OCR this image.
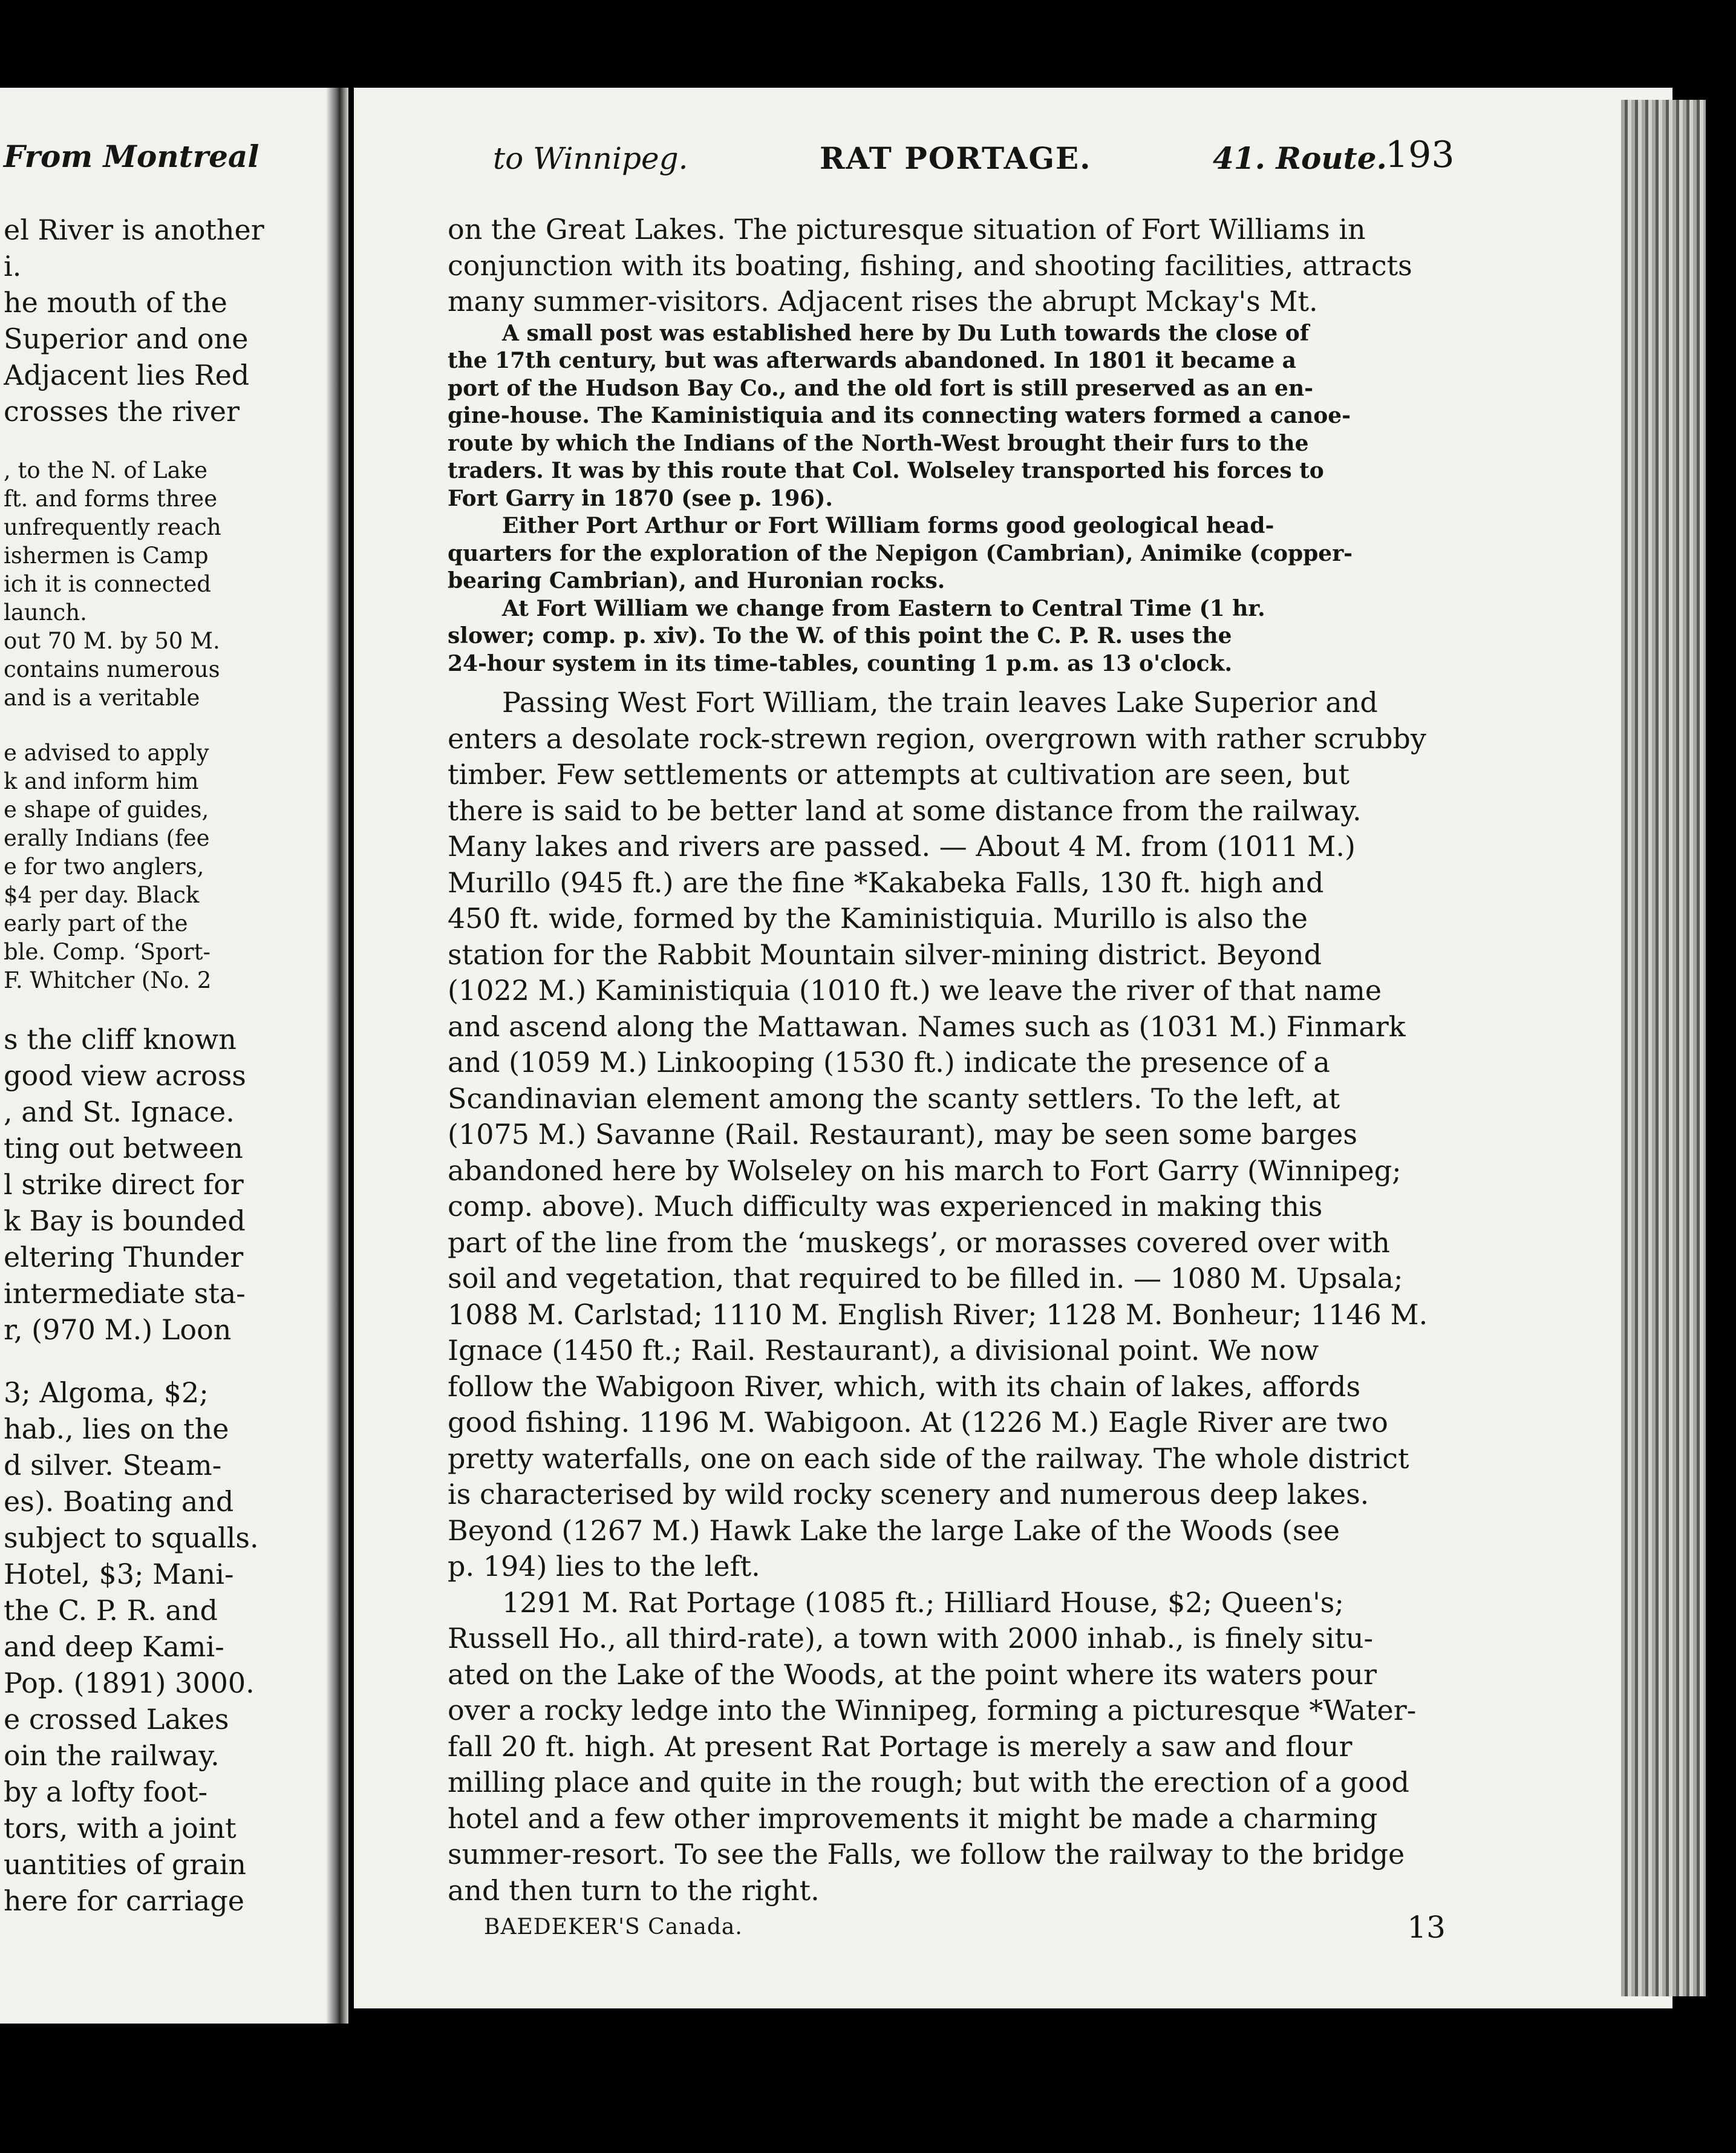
From Montreal
el River is another
i.
he mouth of the
Superior and one
Adjacent lies Red
crosses the river
, to the N. of Lake
ft. and forms three
unfrequently reach
ishermen is Camp
ich it is connected
launch.
out 70 M. by 50 M.
contains numerous
and is a veritable
e advised to apply
k and inform him
e shape of guides,
erally Indians (fee
e for two anglers,
$4 per day. Black
early part of the
ble. Comp. ‘Sport-
F. Whitcher (No. 2
s the cliff known
good view across
, and St. Ignace.
ting out between
l strike direct for
k Bay is bounded
eltering Thunder
intermediate sta-
r, (970 M.) Loon
3; Algoma, $2;
hab., lies on the
d silver. Steam-
es). Boating and
subject to squalls.
Hotel, $3; Mani-
the C. P. R. and
and deep Kami-
Pop. (1891) 3000.
e crossed Lakes
oin the railway.
by a lofty foot-
tors, with a joint
uantities of grain
here for carriage
to Winnipeg.	RAT PORTAGE.	41. Route.
193
on the Great Lakes. The picturesque situation of Fort Williams in
conjunction with its boating, fishing, and shooting facilities, attracts
many summer-visitors. Adjacent rises the abrupt Mckay's Mt.
A small post was established here by Du Luth towards the close of
the 17th century, but was afterwards abandoned. In 1801 it became a
port of the Hudson Bay Co., and the old fort is still preserved as an en-
gine-house. The Kaministiquia and its connecting waters formed a canoe-
route by which the Indians of the North-West brought their furs to the
traders. It was by this route that Col. Wolseley transported his forces to
Fort Garry in 1870 (see p. 196).
Either Port Arthur or Fort William forms good geological head-
quarters for the exploration of the Nepigon (Cambrian), Animike (copper-
bearing Cambrian), and Huronian rocks.
At Fort William we change from Eastern to Central Time (1 hr.
slower; comp. p. xiv). To the W. of this point the C. P. R. uses the
24-hour system in its time-tables, counting 1 p.m. as 13 o'clock.
Passing West Fort William, the train leaves Lake Superior and
enters a desolate rock-strewn region, overgrown with rather scrubby
timber. Few settlements or attempts at cultivation are seen, but
there is said to be better land at some distance from the railway.
Many lakes and rivers are passed. — About 4 M. from (1011 M.)
Murillo (945 ft.) are the fine *Kakabeka Falls, 130 ft. high and
450 ft. wide, formed by the Kaministiquia. Murillo is also the
station for the Rabbit Mountain silver-mining district. Beyond
(1022 M.) Kaministiquia (1010 ft.) we leave the river of that name
and ascend along the Mattawan. Names such as (1031 M.) Finmark
and (1059 M.) Linkooping (1530 ft.) indicate the presence of a
Scandinavian element among the scanty settlers. To the left, at
(1075 M.) Savanne (Rail. Restaurant), may be seen some barges
abandoned here by Wolseley on his march to Fort Garry (Winnipeg;
comp. above). Much difficulty was experienced in making this
part of the line from the ‘muskegs’, or morasses covered over with
soil and vegetation, that required to be filled in. — 1080 M. Upsala;
1088 M. Carlstad; 1110 M. English River; 1128 M. Bonheur; 1146 M.
Ignace (1450 ft.; Rail. Restaurant), a divisional point. We now
follow the Wabigoon River, which, with its chain of lakes, affords
good fishing. 1196 M. Wabigoon. At (1226 M.) Eagle River are two
pretty waterfalls, one on each side of the railway. The whole district
is characterised by wild rocky scenery and numerous deep lakes.
Beyond (1267 M.) Hawk Lake the large Lake of the Woods (see
p. 194) lies to the left.
1291 M. Rat Portage (1085 ft.; Hilliard House, $2; Queen's;
Russell Ho., all third-rate), a town with 2000 inhab., is finely situ-
ated on the Lake of the Woods, at the point where its waters pour
over a rocky ledge into the Winnipeg, forming a picturesque *Water-
fall 20 ft. high. At present Rat Portage is merely a saw and flour
milling place and quite in the rough; but with the erection of a good
hotel and a few other improvements it might be made a charming
summer-resort. To see the Falls, we follow the railway to the bridge
and then turn to the right.
BAEDEKER'S Canada.	13
